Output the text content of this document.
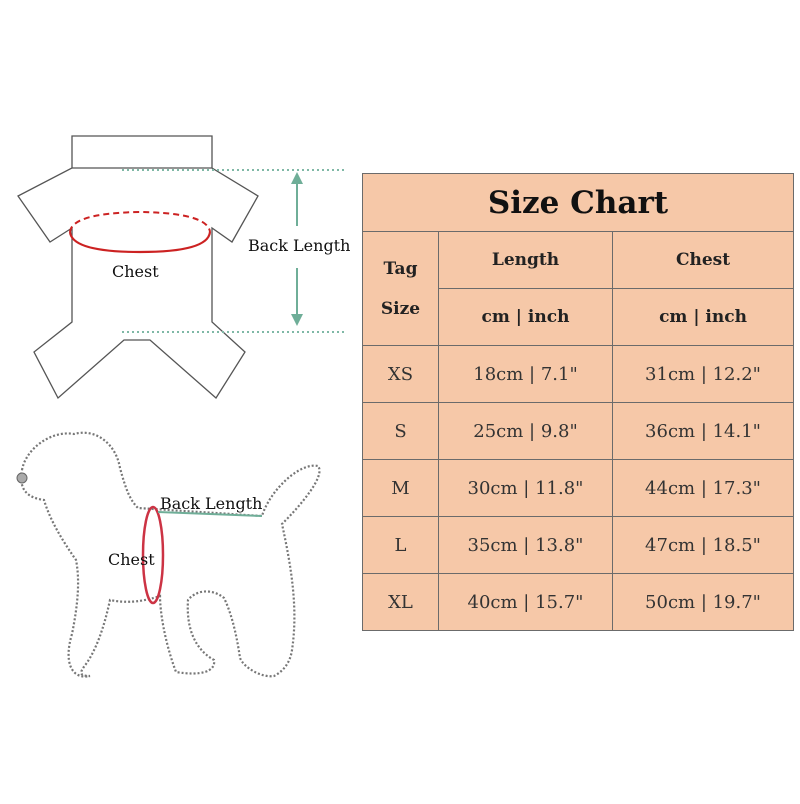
Chest
Back Length
Chest
Back Length
Size Chart		

Tag
Size	Length	Chest
	cm | inch	cm | inch
XS	18cm | 7.1"	31cm | 12.2"
S	25cm | 9.8"	36cm | 14.1"
M	30cm | 11.8"	44cm | 17.3"
L	35cm | 13.8"	47cm | 18.5"
XL	40cm | 15.7"	50cm | 19.7"
